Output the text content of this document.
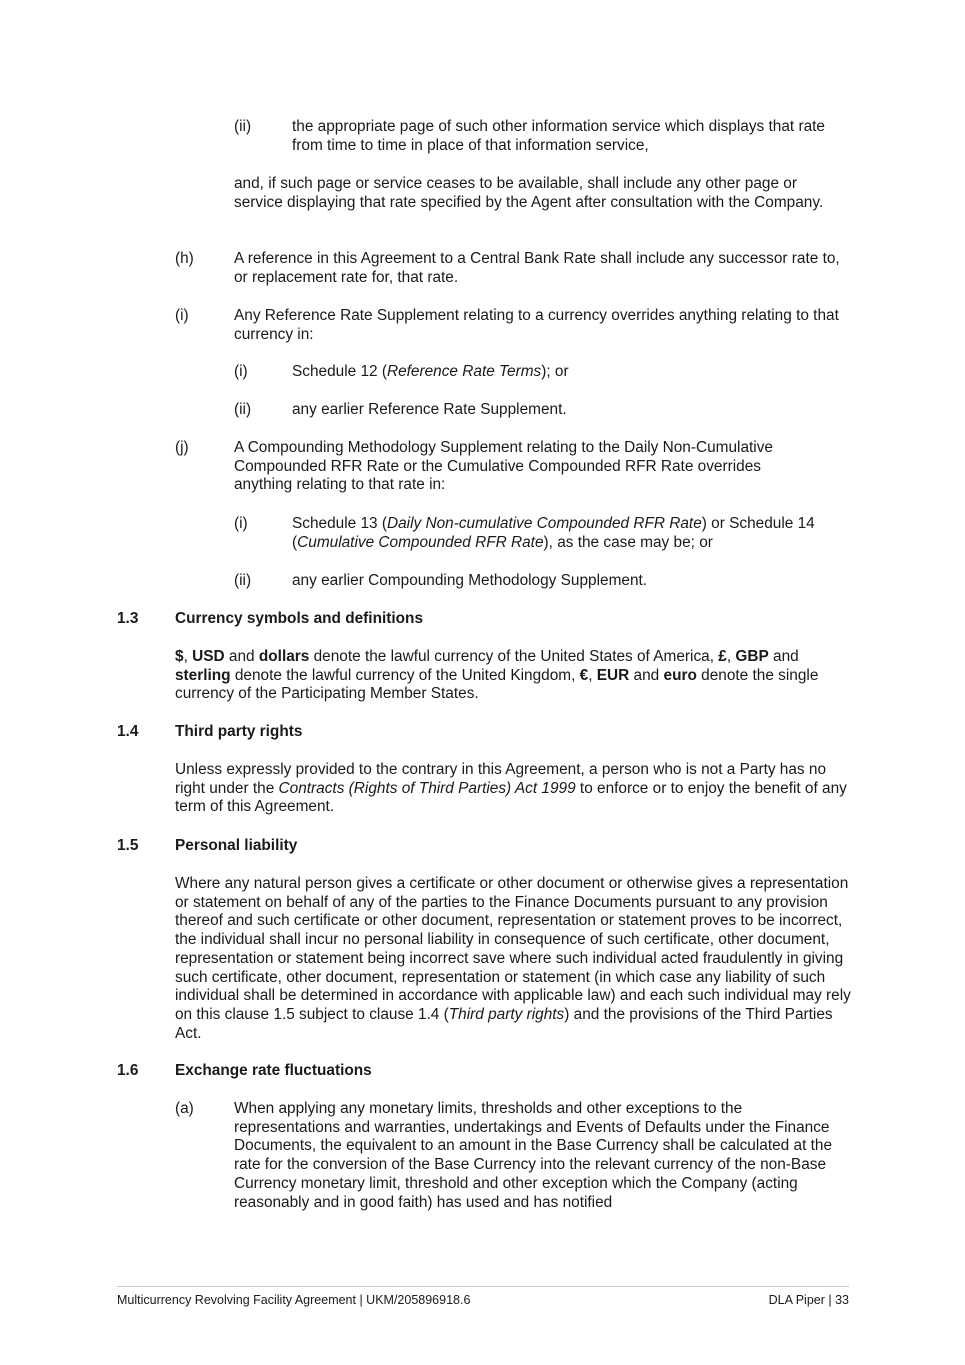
(ii)	the appropriate page of such other information service which displays that rate from time to time in place of that information service,
and, if such page or service ceases to be available, shall include any other page or service displaying that rate specified by the Agent after consultation with the Company.
(h)	A reference in this Agreement to a Central Bank Rate shall include any successor rate to, or replacement rate for, that rate.
(i)	Any Reference Rate Supplement relating to a currency overrides anything relating to that currency in:
(i)	Schedule 12 (Reference Rate Terms); or
(ii)	any earlier Reference Rate Supplement.
(j)	A Compounding Methodology Supplement relating to the Daily Non-Cumulative Compounded RFR Rate or the Cumulative Compounded RFR Rate overrides anything relating to that rate in:
(i)	Schedule 13 (Daily Non-cumulative Compounded RFR Rate) or Schedule 14 (Cumulative Compounded RFR Rate), as the case may be; or
(ii)	any earlier Compounding Methodology Supplement.
1.3 Currency symbols and definitions
$, USD and dollars denote the lawful currency of the United States of America, £, GBP and sterling denote the lawful currency of the United Kingdom, €, EUR and euro denote the single currency of the Participating Member States.
1.4 Third party rights
Unless expressly provided to the contrary in this Agreement, a person who is not a Party has no right under the Contracts (Rights of Third Parties) Act 1999 to enforce or to enjoy the benefit of any term of this Agreement.
1.5 Personal liability
Where any natural person gives a certificate or other document or otherwise gives a representation or statement on behalf of any of the parties to the Finance Documents pursuant to any provision thereof and such certificate or other document, representation or statement proves to be incorrect, the individual shall incur no personal liability in consequence of such certificate, other document, representation or statement being incorrect save where such individual acted fraudulently in giving such certificate, other document, representation or statement (in which case any liability of such individual shall be determined in accordance with applicable law) and each such individual may rely on this clause 1.5 subject to clause 1.4 (Third party rights) and the provisions of the Third Parties Act.
1.6 Exchange rate fluctuations
(a)	When applying any monetary limits, thresholds and other exceptions to the representations and warranties, undertakings and Events of Defaults under the Finance Documents, the equivalent to an amount in the Base Currency shall be calculated at the rate for the conversion of the Base Currency into the relevant currency of the non-Base Currency monetary limit, threshold and other exception which the Company (acting reasonably and in good faith) has used and has notified
Multicurrency Revolving Facility Agreement | UKM/205896918.6	DLA Piper | 33
